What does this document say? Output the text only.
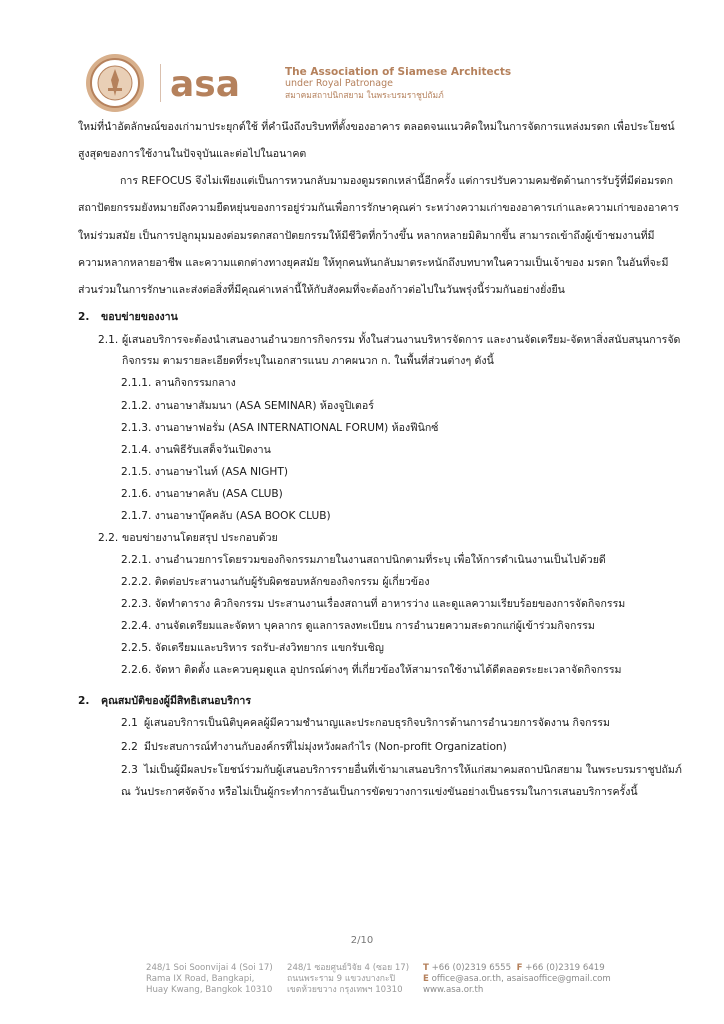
asa	The Association of Siamese Architects
under Royal Patronage
สมาคมสถาปนิกสยาม ในพระบรมราชูปถัมภ์
ใหม่ที่นำอัตลักษณ์ของเก่ามาประยุกต์ใช้ ที่คำนึงถึงบริบทที่ตั้งของอาคาร ตลอดจนแนวคิดใหม่ในการจัดการแหล่งมรดก เพื่อประโยชน์
สูงสุดของการใช้งานในปัจจุบันและต่อไปในอนาคต
การ REFOCUS จึงไม่เพียงแต่เป็นการหวนกลับมามองดูมรดกเหล่านี้อีกครั้ง แต่การปรับความคมชัดด้านการรับรู้ที่มีต่อมรดก
สถาปัตยกรรมยังหมายถึงความยืดหยุ่นของการอยู่ร่วมกันเพื่อการรักษาคุณค่า ระหว่างความเก่าของอาคารเก่าและความเก่าของอาคาร
ใหม่ร่วมสมัย เป็นการปลูกมุมมองต่อมรดกสถาปัตยกรรมให้มีชีวิตที่กว้างขึ้น หลากหลายมิติมากขึ้น สามารถเข้าถึงผู้เข้าชมงานที่มี
ความหลากหลายอาชีพ และความแตกต่างทางยุคสมัย ให้ทุกคนหันกลับมาตระหนักถึงบทบาทในความเป็นเจ้าของ มรดก ในอันที่จะมี
ส่วนร่วมในการรักษาและส่งต่อสิ่งที่มีคุณค่าเหล่านี้ให้กับสังคมที่จะต้องก้าวต่อไปในวันพรุ่งนี้ร่วมกันอย่างยั่งยืน
2. ขอบข่ายของงาน
2.1. ผู้เสนอบริการจะต้องนำเสนองานอำนวยการกิจกรรม ทั้งในส่วนงานบริหารจัดการ และงานจัดเตรียม-จัดหาสิ่งสนับสนุนการจัด
กิจกรรม ตามรายละเอียดที่ระบุในเอกสารแนบ ภาคผนวก ก. ในพื้นที่ส่วนต่างๆ ดังนี้
2.1.1. ลานกิจกรรมกลาง
2.1.2. งานอาษาสัมมนา (ASA SEMINAR) ห้องจูปิเตอร์
2.1.3. งานอาษาฟอรั่ม (ASA INTERNATIONAL FORUM) ห้องฟีนิกซ์
2.1.4. งานพิธีรับเสด็จวันเปิดงาน
2.1.5. งานอาษาไนท์ (ASA NIGHT)
2.1.6. งานอาษาคลับ (ASA CLUB)
2.1.7. งานอาษาบุ๊คคลับ (ASA BOOK CLUB)
2.2. ขอบข่ายงานโดยสรุป ประกอบด้วย
2.2.1. งานอำนวยการโดยรวมของกิจกรรมภายในงานสถาปนิกตามที่ระบุ เพื่อให้การดำเนินงานเป็นไปด้วยดี
2.2.2. ติดต่อประสานงานกับผู้รับผิดชอบหลักของกิจกรรม ผู้เกี่ยวข้อง
2.2.3. จัดทำตาราง คิวกิจกรรม ประสานงานเรื่องสถานที่ อาหารว่าง และดูแลความเรียบร้อยของการจัดกิจกรรม
2.2.4. งานจัดเตรียมและจัดหา บุคลากร ดูแลการลงทะเบียน การอำนวยความสะดวกแก่ผู้เข้าร่วมกิจกรรม
2.2.5. จัดเตรียมและบริหาร รถรับ-ส่งวิทยากร แขกรับเชิญ
2.2.6. จัดหา ติดตั้ง และควบคุมดูแล อุปกรณ์ต่างๆ ที่เกี่ยวข้องให้สามารถใช้งานได้ดีตลอดระยะเวลาจัดกิจกรรม
2. คุณสมบัติของผู้มีสิทธิเสนอบริการ
2.1 ผู้เสนอบริการเป็นนิติบุคคลผู้มีความชำนาญและประกอบธุรกิจบริการด้านการอำนวยการจัดงาน กิจกรรม
2.2 มีประสบการณ์ทำงานกับองค์กรที่ไม่มุ่งหวังผลกำไร (Non-profit Organization)
2.3 ไม่เป็นผู้มีผลประโยชน์ร่วมกับผู้เสนอบริการรายอื่นที่เข้ามาเสนอบริการให้แก่สมาคมสถาปนิกสยาม ในพระบรมราชูปถัมภ์
ณ วันประกาศจัดจ้าง หรือไม่เป็นผู้กระทำการอันเป็นการขัดขวางการแข่งขันอย่างเป็นธรรมในการเสนอบริการครั้งนี้
2/10
248/1 Soi Soonvijai 4 (Soi 17)
Rama IX Road, Bangkapi,
Huay Kwang, Bangkok 10310
248/1 ซอยศูนย์วิจัย 4 (ซอย 17)
ถนนพระราม 9 แขวงบางกะปิ
เขตห้วยขวาง กรุงเทพฯ 10310
T +66 (0)2319 6555 F +66 (0)2319 6419
E office@asa.or.th, asaisaoffice@gmail.com
www.asa.or.th
